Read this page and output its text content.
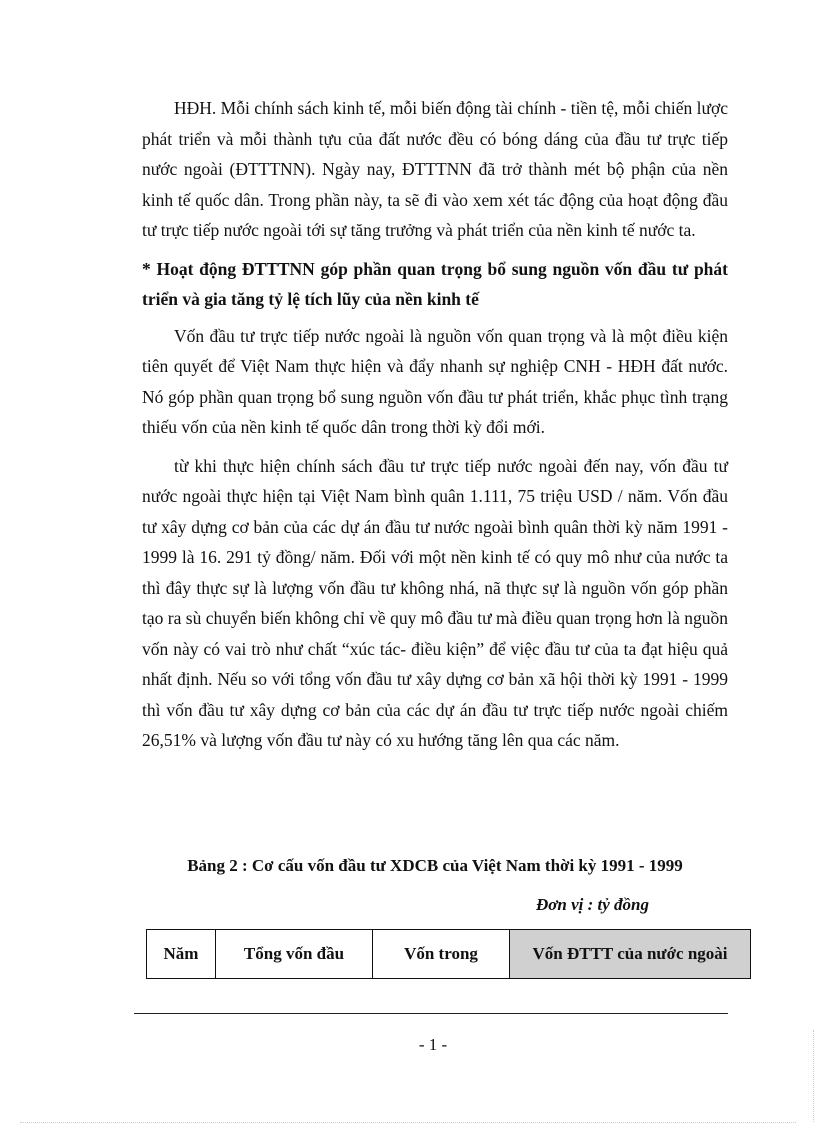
HĐH. Mỗi chính sách kinh tế, mỗi biến động tài chính - tiền tệ, mỗi chiến lược phát triển và mỗi thành tựu của đất nước đều có bóng dáng của đầu tư trực tiếp nước ngoài (ĐTTTNN). Ngày nay, ĐTTTNN đã trở thành mét bộ phận của nền kinh tế quốc dân. Trong phần này, ta sẽ đi vào xem xét tác động của hoạt động đầu tư trực tiếp nước ngoài tới sự tăng trưởng và phát triển của nền kinh tế nước ta.

* Hoạt động ĐTTTNN góp phần quan trọng bổ sung nguồn vốn đầu tư phát triển và gia tăng tỷ lệ tích lũy của nền kinh tế

Vốn đầu tư trực tiếp nước ngoài là nguồn vốn quan trọng và là một điều kiện tiên quyết để Việt Nam thực hiện và đẩy nhanh sự nghiệp CNH - HĐH đất nước. Nó góp phần quan trọng bổ sung nguồn vốn đầu tư phát triển, khắc phục tình trạng thiếu vốn của nền kinh tế quốc dân trong thời kỳ đổi mới.

từ khi thực hiện chính sách đầu tư trực tiếp nước ngoài đến nay, vốn đầu tư nước ngoài thực hiện tại Việt Nam bình quân 1.111, 75 triệu USD / năm. Vốn đầu tư xây dựng cơ bản của các dự án đầu tư nước ngoài bình quân thời kỳ năm 1991 - 1999 là 16. 291 tỷ đồng/ năm. Đối với một nền kinh tế có quy mô như của nước ta thì đây thực sự là lượng vốn đầu tư không nhá, nã thực sự là nguồn vốn góp phần tạo ra sù chuyển biến không chỉ về quy mô đầu tư mà điều quan trọng hơn là nguồn vốn này có vai trò như chất “xúc tác- điều kiện” để việc đầu tư của ta đạt hiệu quả nhất định. Nếu so với tổng vốn đầu tư xây dựng cơ bản xã hội thời kỳ 1991 - 1999 thì vốn đầu tư xây dựng cơ bản của các dự án đầu tư trực tiếp nước ngoài chiếm 26,51% và lượng vốn đầu tư này có xu hướng tăng lên qua các năm.

Bảng 2 : Cơ cấu vốn đầu tư XDCB của Việt Nam thời kỳ 1991 - 1999
Đơn vị : tỷ đồng
Năm	Tổng vốn đầu	Vốn trong	Vốn ĐTTT của nước ngoài
- 1 -
